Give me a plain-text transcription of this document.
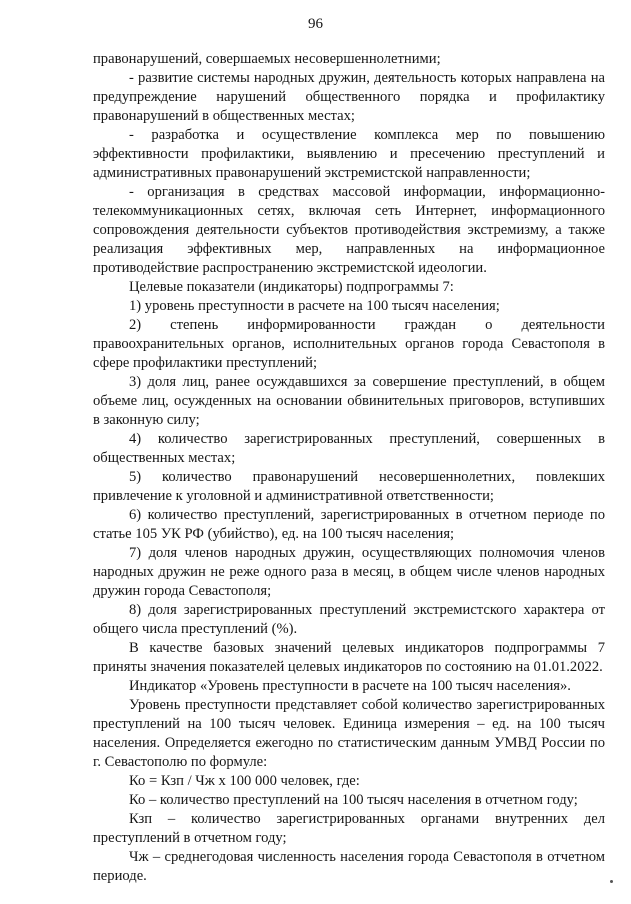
96

правонарушений, совершаемых несовершеннолетними;

- развитие системы народных дружин, деятельность которых направлена на предупреждение нарушений общественного порядка и профилактику правонарушений в общественных местах;

- разработка и осуществление комплекса мер по повышению эффективности профилактики, выявлению и пресечению преступлений и административных правонарушений экстремистской направленности;

- организация в средствах массовой информации, информационно-телекоммуникационных сетях, включая сеть Интернет, информационного сопровождения деятельности субъектов противодействия экстремизму, а также реализация эффективных мер, направленных на информационное противодействие распространению экстремистской идеологии.

Целевые показатели (индикаторы) подпрограммы 7:

1) уровень преступности в расчете на 100 тысяч населения;

2) степень информированности граждан о деятельности правоохранительных органов, исполнительных органов города Севастополя в сфере профилактики преступлений;

3) доля лиц, ранее осуждавшихся за совершение преступлений, в общем объеме лиц, осужденных на основании обвинительных приговоров, вступивших в законную силу;

4) количество зарегистрированных преступлений, совершенных в общественных местах;

5) количество правонарушений несовершеннолетних, повлекших привлечение к уголовной и административной ответственности;

6) количество преступлений, зарегистрированных в отчетном периоде по статье 105 УК РФ (убийство), ед. на 100 тысяч населения;

7) доля членов народных дружин, осуществляющих полномочия членов народных дружин не реже одного раза в месяц, в общем числе членов народных дружин города Севастополя;

8) доля зарегистрированных преступлений экстремистского характера от общего числа преступлений (%).

В качестве базовых значений целевых индикаторов подпрограммы 7 приняты значения показателей целевых индикаторов по состоянию на 01.01.2022.

Индикатор «Уровень преступности в расчете на 100 тысяч населения».

Уровень преступности представляет собой количество зарегистрированных преступлений на 100 тысяч человек. Единица измерения – ед. на 100 тысяч населения. Определяется ежегодно по статистическим данным УМВД России по г. Севастополю по формуле:

Ко = Кзп / Чж х 100 000 человек, где:

Ко – количество преступлений на 100 тысяч населения в отчетном году;

Кзп – количество зарегистрированных органами внутренних дел преступлений в отчетном году;

Чж – среднегодовая численность населения города Севастополя в отчетном периоде.
